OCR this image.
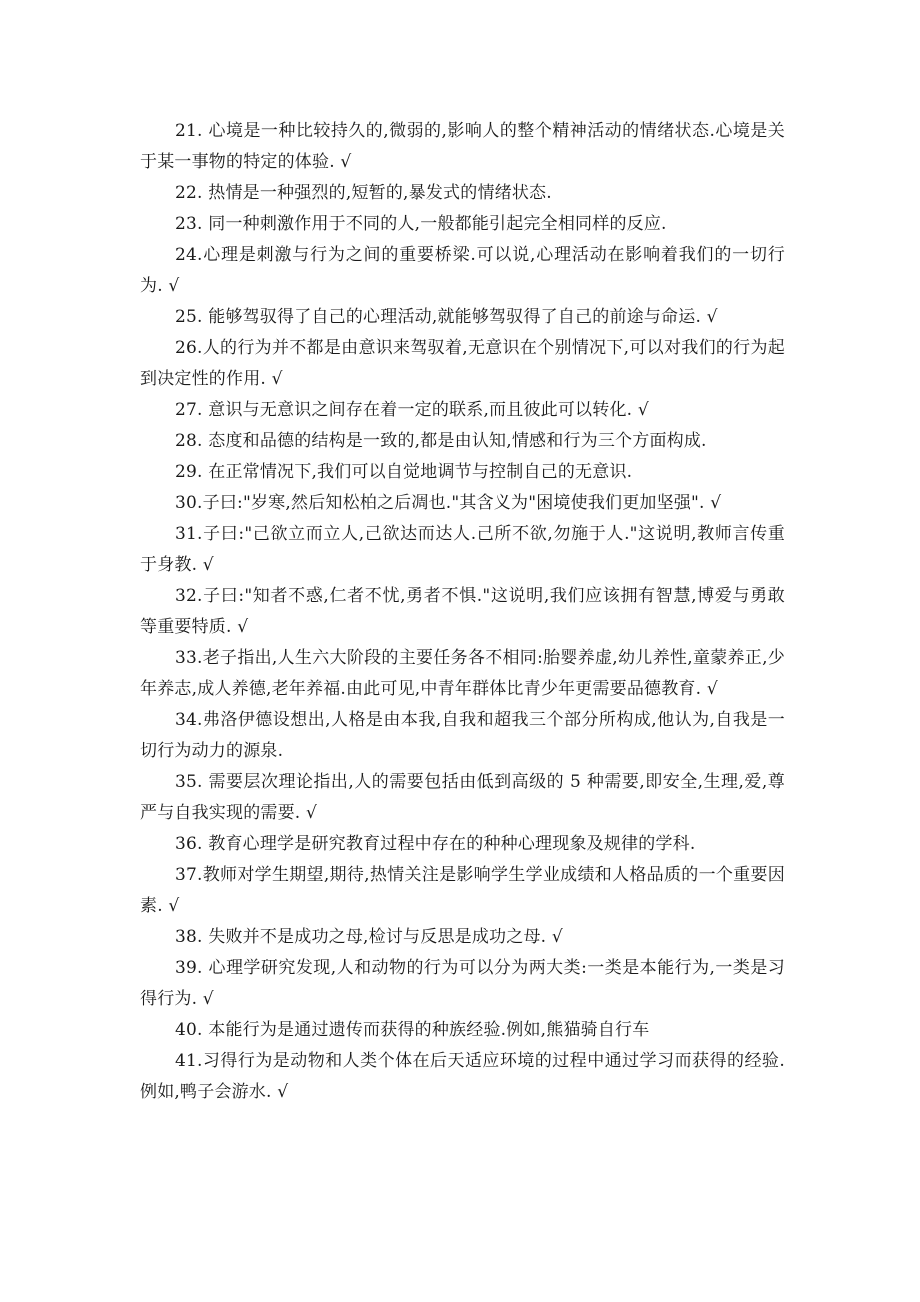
21. 心境是一种比较持久的,微弱的,影响人的整个精神活动的情绪状态.心境是关于某一事物的特定的体验. √

22. 热情是一种强烈的,短暂的,暴发式的情绪状态.

23. 同一种刺激作用于不同的人,一般都能引起完全相同样的反应.

24.心理是刺激与行为之间的重要桥梁.可以说,心理活动在影响着我们的一切行为. √

25. 能够驾驭得了自己的心理活动,就能够驾驭得了自己的前途与命运. √

26.人的行为并不都是由意识来驾驭着,无意识在个别情况下,可以对我们的行为起到决定性的作用. √

27. 意识与无意识之间存在着一定的联系,而且彼此可以转化. √

28. 态度和品德的结构是一致的,都是由认知,情感和行为三个方面构成.

29. 在正常情况下,我们可以自觉地调节与控制自己的无意识.

30.子曰:"岁寒,然后知松柏之后凋也."其含义为"困境使我们更加坚强". √

31.子曰:"己欲立而立人,己欲达而达人.己所不欲,勿施于人."这说明,教师言传重于身教. √

32.子曰:"知者不惑,仁者不忧,勇者不惧."这说明,我们应该拥有智慧,博爱与勇敢等重要特质. √

33.老子指出,人生六大阶段的主要任务各不相同:胎婴养虚,幼儿养性,童蒙养正,少年养志,成人养德,老年养福.由此可见,中青年群体比青少年更需要品德教育. √

34.弗洛伊德设想出,人格是由本我,自我和超我三个部分所构成,他认为,自我是一切行为动力的源泉.

35. 需要层次理论指出,人的需要包括由低到高级的 5 种需要,即安全,生理,爱,尊严与自我实现的需要. √

36. 教育心理学是研究教育过程中存在的种种心理现象及规律的学科.

37.教师对学生期望,期待,热情关注是影响学生学业成绩和人格品质的一个重要因素. √

38. 失败并不是成功之母,检讨与反思是成功之母. √

39. 心理学研究发现,人和动物的行为可以分为两大类:一类是本能行为,一类是习得行为. √

40. 本能行为是通过遗传而获得的种族经验.例如,熊猫骑自行车

41.习得行为是动物和人类个体在后天适应环境的过程中通过学习而获得的经验.例如,鸭子会游水. √
